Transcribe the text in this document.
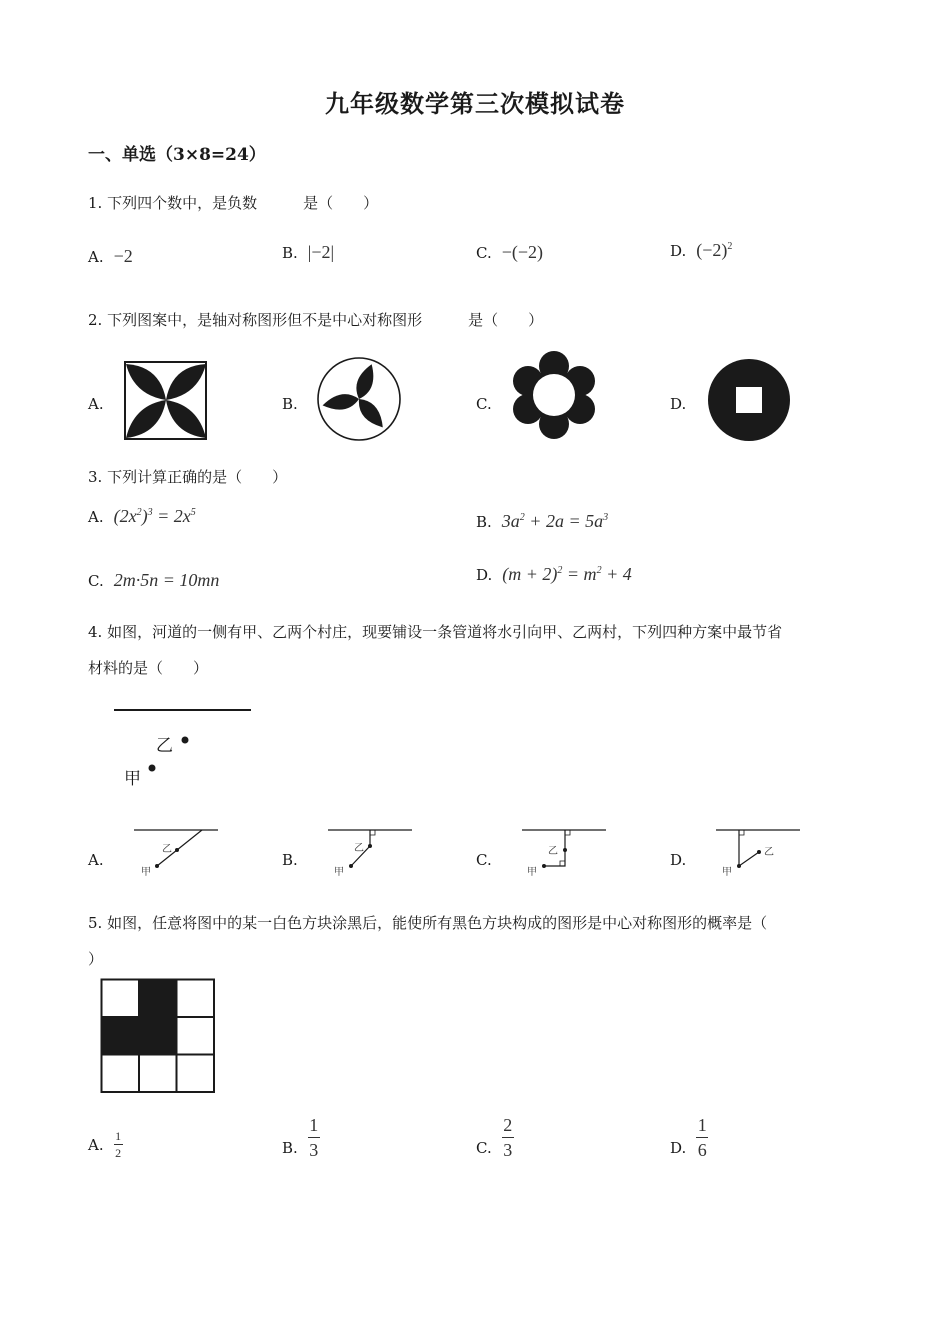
九年级数学第三次模拟试卷
一、单选（3×8=24）
1. 下列四个数中，是负数	是（　　）
A. −2	B. |−2|	C. −(−2)	D. $(-2)^2$
2. 下列图案中，是轴对称图形但不是中心对称图形	是（　　）
A.	B.	C.	D.
3. 下列计算正确的是（　　）
A. $(2x^2)^3 = 2x^5$	B. $3a^2 + 2a = 5a^3$
C. 2m·5n = 10mn	D. $(m + 2)^2 = m^2 + 4$
4. 如图，河道的一侧有甲、乙两个村庄，现要铺设一条管道将水引向甲、乙两村，下列四种方案中最节省
材料的是（　　）
乙
甲
A.
乙
甲
B.
乙
甲
C.	乙
甲
D.	乙
甲
5. 如图，任意将图中的某一白色方块涂黑后，能使所有黑色方块构成的图形是中心对称图形的概率是（
）
A. $\frac{1}{2}$	B. $\frac{1}{3}$	C. $\frac{2}{3}$	D. $\frac{1}{6}$
